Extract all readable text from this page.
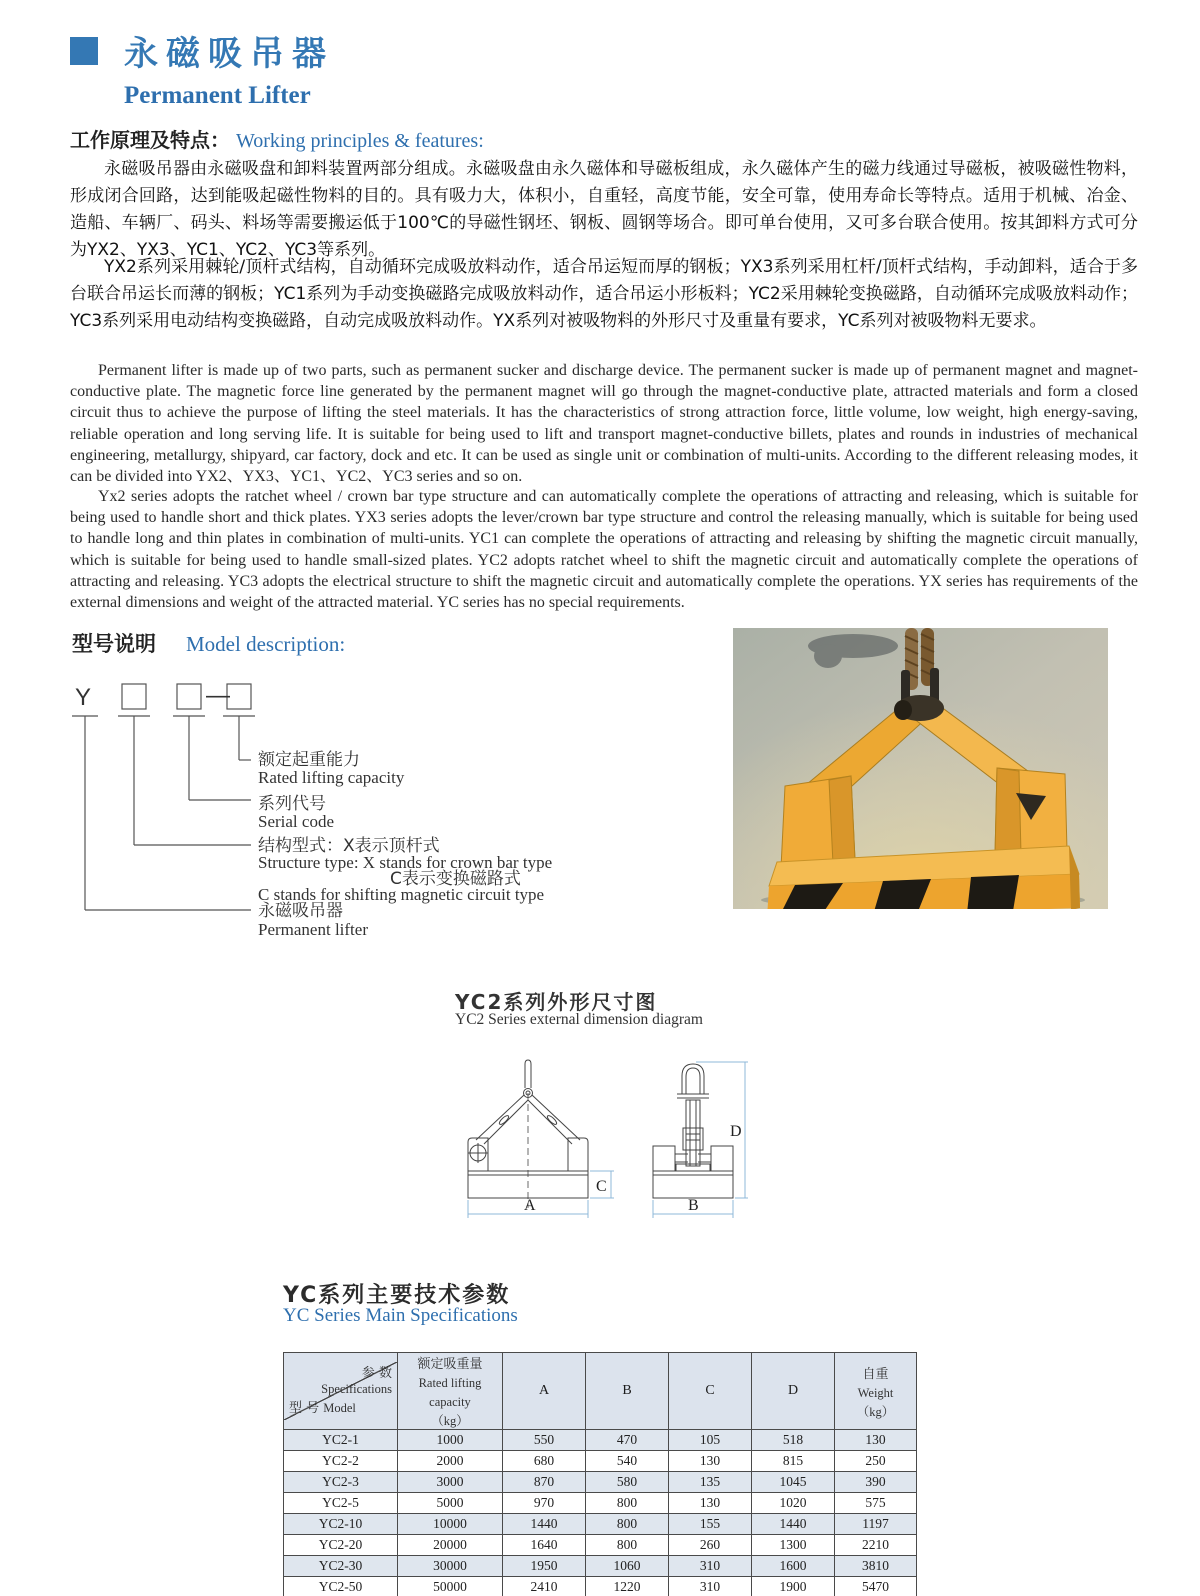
永磁吸吊器
Permanent Lifter
工作原理及特点： Working principles & features:
永磁吸吊器由永磁吸盘和卸料装置两部分组成。永磁吸盘由永久磁体和导磁板组成，永久磁体产生的磁力线通过导磁板，被吸磁性物料，形成闭合回路，达到能吸起磁性物料的目的。具有吸力大，体积小，自重轻，高度节能，安全可靠，使用寿命长等特点。适用于机械、冶金、造船、车辆厂、码头、料场等需要搬运低于100℃的导磁性钢坯、钢板、圆钢等场合。即可单台使用，又可多台联合使用。按其卸料方式可分为YX2、YX3、YC1、YC2、YC3等系列。
YX2系列采用棘轮/顶杆式结构，自动循环完成吸放料动作，适合吊运短而厚的钢板；YX3系列采用杠杆/顶杆式结构，手动卸料，适合于多台联合吊运长而薄的钢板；YC1系列为手动变换磁路完成吸放料动作，适合吊运小形板料；YC2采用棘轮变换磁路，自动循环完成吸放料动作；YC3系列采用电动结构变换磁路，自动完成吸放料动作。YX系列对被吸物料的外形尺寸及重量有要求，YC系列对被吸物料无要求。
Permanent lifter is made up of two parts, such as permanent sucker and discharge device. The permanent sucker is made up of permanent magnet and magnet-conductive plate. The magnetic force line generated by the permanent magnet will go through the magnet-conductive plate, attracted materials and form a closed circuit thus to achieve the purpose of lifting the steel materials. It has the characteristics of strong attraction force, little volume, low weight, high energy-saving, reliable operation and long serving life. It is suitable for being used to lift and transport magnet-conductive billets, plates and rounds in industries of mechanical engineering, metallurgy, shipyard, car factory, dock and etc. It can be used as single unit or combination of multi-units. According to the different releasing modes, it can be divided into YX2、YX3、YC1、YC2、YC3 series and so on.
Yx2 series adopts the ratchet wheel / crown bar type structure and can automatically complete the operations of attracting and releasing, which is suitable for being used to handle short and thick plates. YX3 series adopts the lever/crown bar type structure and control the releasing manually, which is suitable for being used to handle long and thin plates in combination of multi-units. YC1 can complete the operations of attracting and releasing by shifting the magnetic circuit manually, which is suitable for being used to handle small-sized plates. YC2 adopts ratchet wheel to shift the magnetic circuit and automatically complete the operations of attracting and releasing. YC3 adopts the electrical structure to shift the magnetic circuit and automatically complete the operations. YX series has requirements of the external dimensions and weight of the attracted material. YC series has no special requirements.
型号说明 Model description:
Y	—
额定起重能力
Rated lifting capacity
系列代号
Serial code
结构型式：X表示顶杆式
Structure type: X stands for crown bar type
C表示变换磁路式
C stands for shifting magnetic circuit type
永磁吸吊器
Permanent lifter
YC2系列外形尺寸图
YC2 Series external dimension diagram
A
C
D
B
YC系列主要技术参数
YC Series Main Specifications
参 数
Specifications
型 号 Model
	额定吸重量
Rated lifting capacity
（kg）	A	B	C	D	自重
Weight
（kg）
YC2-1	1000	550	470	105	518	130
YC2-2	2000	680	540	130	815	250
YC2-3	3000	870	580	135	1045	390
YC2-5	5000	970	800	130	1020	575
YC2-10	10000	1440	800	155	1440	1197
YC2-20	20000	1640	800	260	1300	2210
YC2-30	30000	1950	1060	310	1600	3810
YC2-50	50000	2410	1220	310	1900	5470
